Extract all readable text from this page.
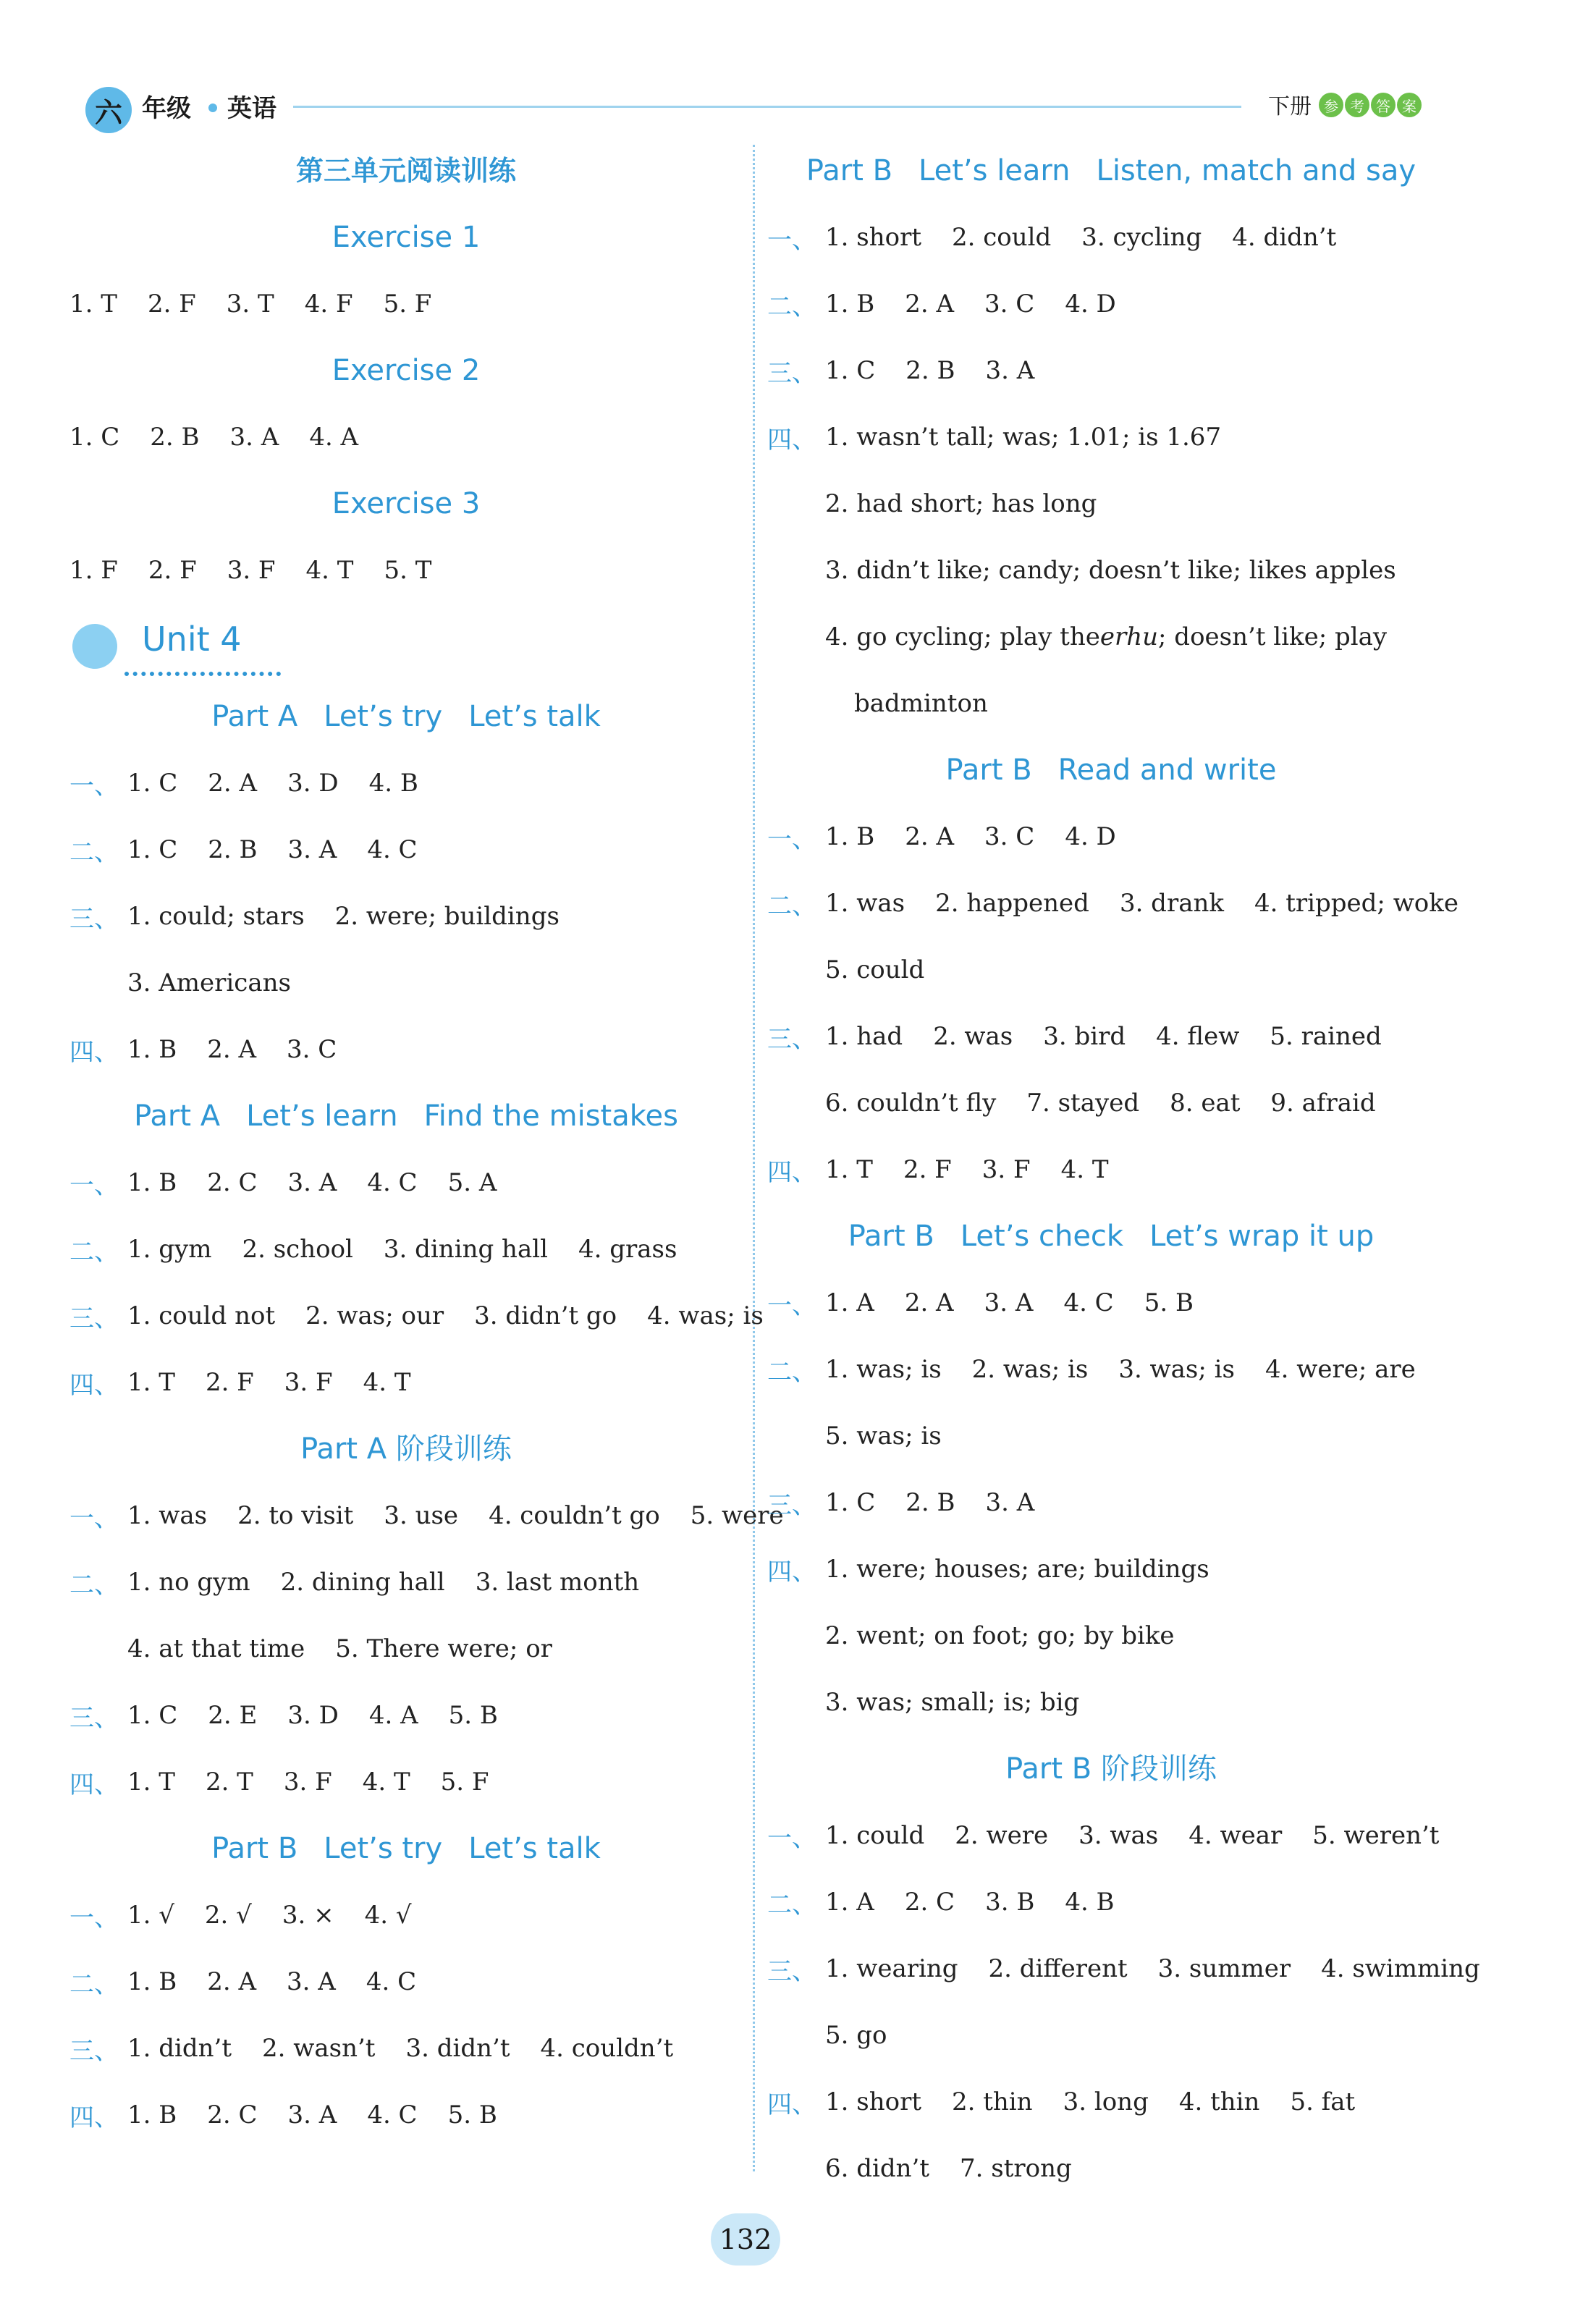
六 年级 英语	下册 参 考 答 案
第三单元阅读训练
Exercise 1
1. T 2. F 3. T 4. F 5. F
Exercise 2
1. C 2. B 3. A 4. A
Exercise 3
1. F 2. F 3. F 4. T 5. T
Unit 4
Part A Let’s try Let’s talk
一、 1. C 2. A 3. D 4. B
二、 1. C 2. B 3. A 4. C
三、 1. could; stars 2. were; buildings
3. Americans
四、 1. B 2. A 3. C
Part A Let’s learn Find the mistakes
一、 1. B 2. C 3. A 4. C 5. A
二、 1. gym 2. school 3. dining hall 4. grass
三、 1. could not 2. was; our 3. didn’t go 4. was; is
四、 1. T 2. F 3. F 4. T
Part A 阶段训练
一、 1. was 2. to visit 3. use 4. couldn’t go 5. were
二、 1. no gym 2. dining hall 3. last month
4. at that time 5. There were; or
三、 1. C 2. E 3. D 4. A 5. B
四、 1. T 2. T 3. F 4. T 5. F
Part B Let’s try Let’s talk
一、 1. √ 2. √ 3. × 4. √
二、 1. B 2. A 3. A 4. C
三、 1. didn’t 2. wasn’t 3. didn’t 4. couldn’t
四、 1. B 2. C 3. A 4. C 5. B
Part B Let’s learn Listen, match and say
一、 1. short 2. could 3. cycling 4. didn’t
二、 1. B 2. A 3. C 4. D
三、 1. C 2. B 3. A
四、 1. wasn’t tall; was; 1.01; is 1.67
2. had short; has long
3. didn’t like; candy; doesn’t like; likes apples
4. go cycling; play the erhu ; doesn’t like; play
badminton
Part B Read and write
一、 1. B 2. A 3. C 4. D
二、 1. was 2. happened 3. drank 4. tripped; woke
5. could
三、 1. had 2. was 3. bird 4. flew 5. rained
6. couldn’t fly 7. stayed 8. eat 9. afraid
四、 1. T 2. F 3. F 4. T
Part B Let’s check Let’s wrap it up
一、 1. A 2. A 3. A 4. C 5. B
二、 1. was; is 2. was; is 3. was; is 4. were; are
5. was; is
三、 1. C 2. B 3. A
四、 1. were; houses; are; buildings
2. went; on foot; go; by bike
3. was; small; is; big
Part B 阶段训练
一、 1. could 2. were 3. was 4. wear 5. weren’t
二、 1. A 2. C 3. B 4. B
三、 1. wearing 2. different 3. summer 4. swimming
5. go
四、 1. short 2. thin 3. long 4. thin 5. fat
6. didn’t 7. strong
132
